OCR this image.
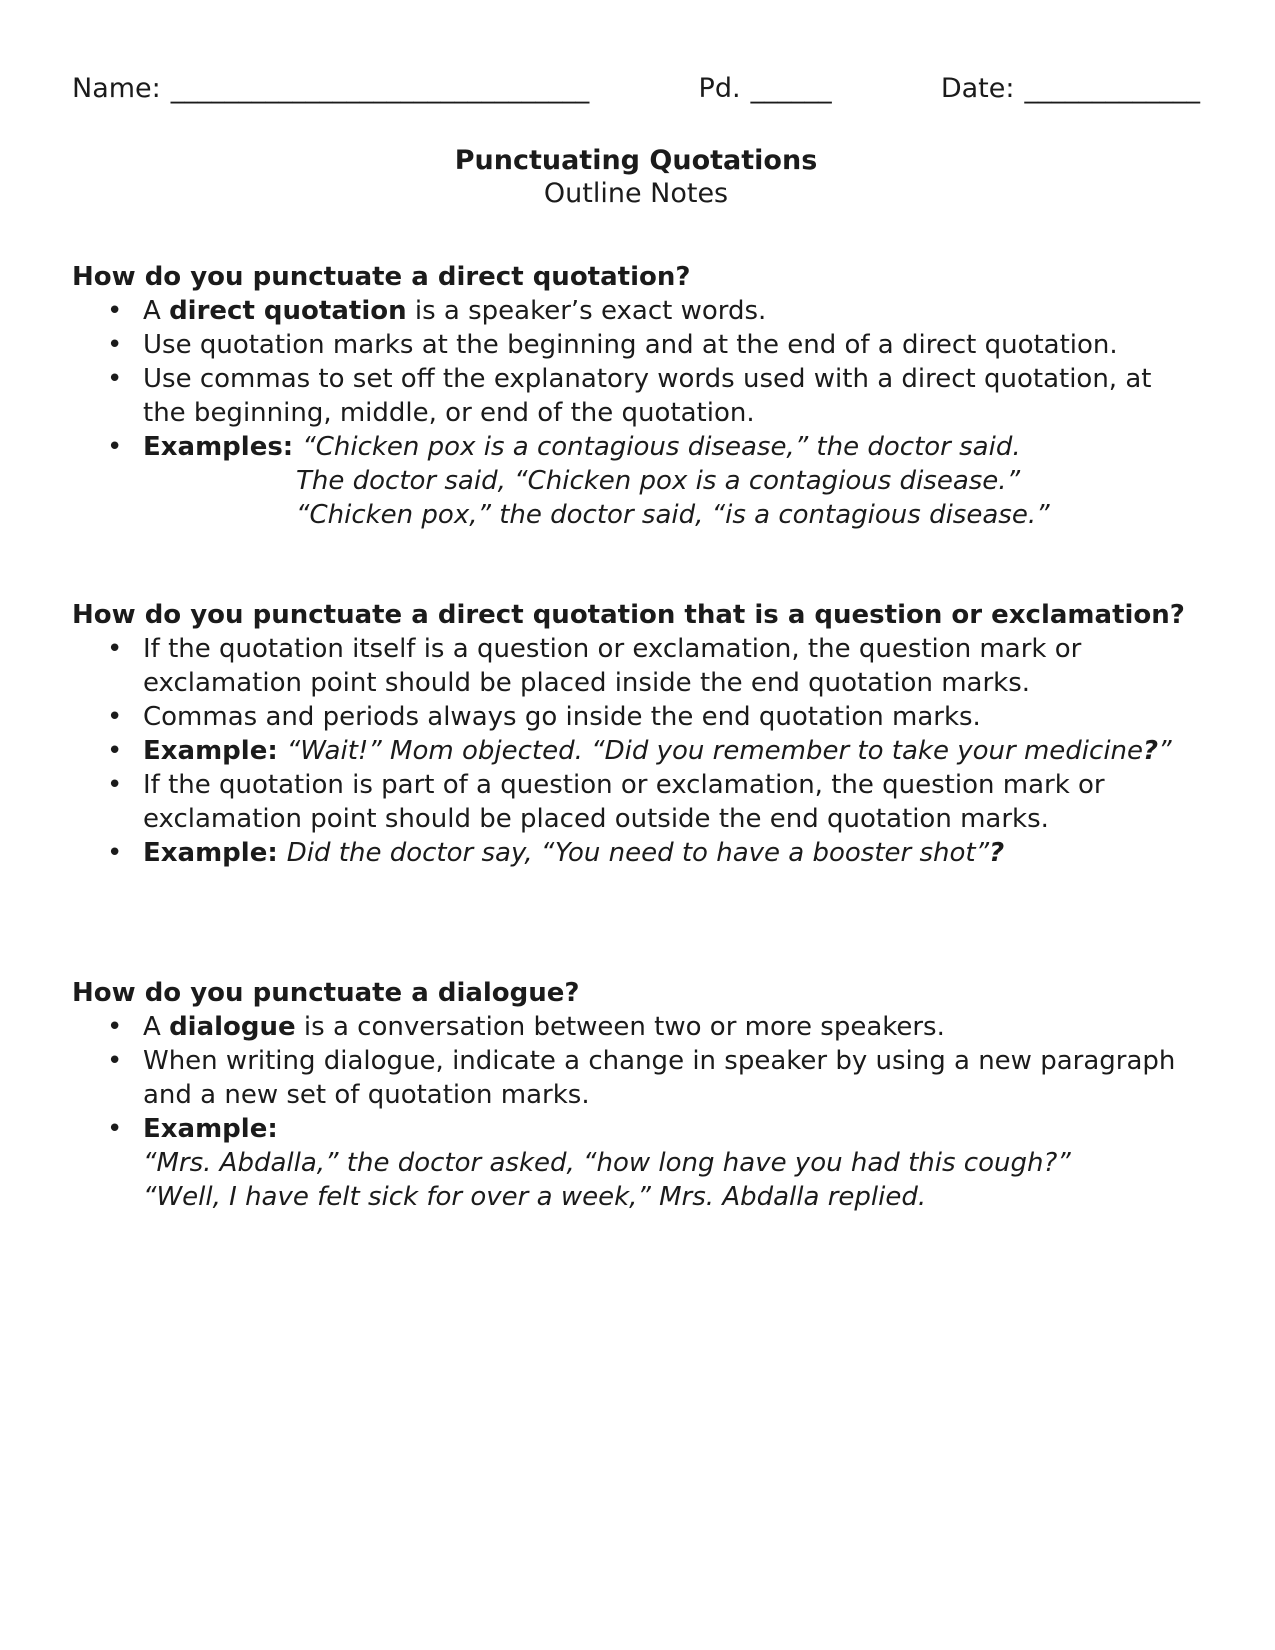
Name: _______________________________	Pd. ______	Date: _____________
Punctuating Quotations
Outline Notes
How do you punctuate a direct quotation?
• A direct quotation is a speaker’s exact words.
• Use quotation marks at the beginning and at the end of a direct quotation.
• Use commas to set off the explanatory words used with a direct quotation, at the beginning, middle, or end of the quotation.
• Examples: “Chicken pox is a contagious disease,” the doctor said.
The doctor said, “Chicken pox is a contagious disease.”
“Chicken pox,” the doctor said, “is a contagious disease.”
How do you punctuate a direct quotation that is a question or exclamation?
• If the quotation itself is a question or exclamation, the question mark or exclamation point should be placed inside the end quotation marks.
• Commas and periods always go inside the end quotation marks.
• Example: “Wait!” Mom objected. “Did you remember to take your medicine?”
• If the quotation is part of a question or exclamation, the question mark or exclamation point should be placed outside the end quotation marks.
• Example: Did the doctor say, “You need to have a booster shot”?
How do you punctuate a dialogue?
• A dialogue is a conversation between two or more speakers.
• When writing dialogue, indicate a change in speaker by using a new paragraph and a new set of quotation marks.
• Example:
“Mrs. Abdalla,” the doctor asked, “how long have you had this cough?”
“Well, I have felt sick for over a week,” Mrs. Abdalla replied.
